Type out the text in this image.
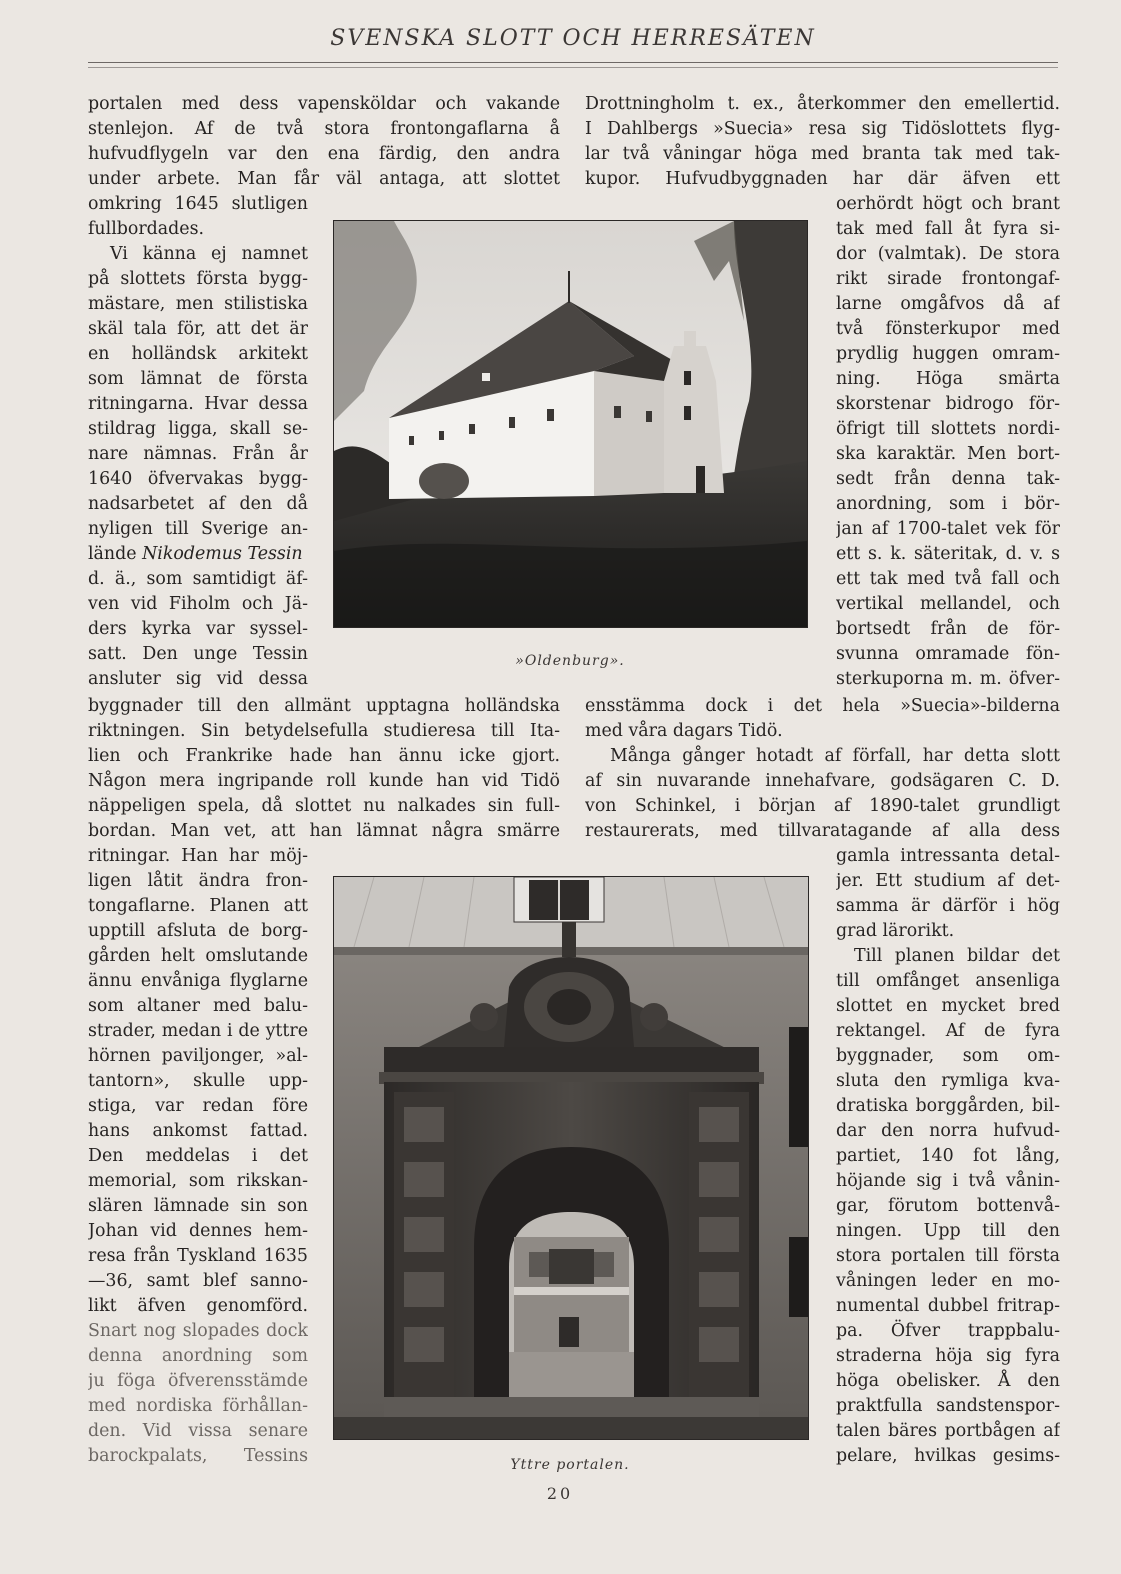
SVENSKA SLOTT OCH HERRESÄTEN
portalen med dess vapensköldar och vakande
stenlejon. Af de två stora frontongaflarna å
hufvudflygeln var den ena färdig, den andra
under arbete. Man får väl antaga, att slottet
Drottningholm t. ex., återkommer den emellertid.
I Dahlbergs »Suecia» resa sig Tidöslottets flyg-
lar två våningar höga med branta tak med tak-
kupor. Hufvudbyggnaden har där äfven ett
omkring 1645 slutligen
fullbordades.
Vi känna ej namnet
på slottets första bygg-
mästare, men stilistiska
skäl tala för, att det är
en holländsk arkitekt
som lämnat de första
ritningarna. Hvar dessa
stildrag ligga, skall se-
nare nämnas. Från år
1640 öfvervakas bygg-
nadsarbetet af den då
nyligen till Sverige an-
lände Nikodemus Tessin
d. ä., som samtidigt äf-
ven vid Fiholm och Jä-
ders kyrka var syssel-
satt. Den unge Tessin
ansluter sig vid dessa
oerhördt högt och brant
tak med fall åt fyra si-
dor (valmtak). De stora
rikt sirade frontongaf-
larne omgåfvos då af
två fönsterkupor med
prydlig huggen omram-
ning. Höga smärta
skorstenar bidrogo för-
öfrigt till slottets nordi-
ska karaktär. Men bort-
sedt från denna tak-
anordning, som i bör-
jan af 1700-talet vek för
ett s. k. säteritak, d. v. s
ett tak med två fall och
vertikal mellandel, och
bortsedt från de för-
svunna omramade fön-
sterkuporna m. m. öfver-
»Oldenburg».
byggnader till den allmänt upptagna holländska
riktningen. Sin betydelsefulla studieresa till Ita-
lien och Frankrike hade han ännu icke gjort.
Någon mera ingripande roll kunde han vid Tidö
näppeligen spela, då slottet nu nalkades sin full-
bordan. Man vet, att han lämnat några smärre
ensstämma dock i det hela »Suecia»-bilderna
med våra dagars Tidö.
Många gånger hotadt af förfall, har detta slott
af sin nuvarande innehafvare, godsägaren C. D.
von Schinkel, i början af 1890-talet grundligt
restaurerats, med tillvaratagande af alla dess
ritningar. Han har möj-
ligen låtit ändra fron-
tongaflarne. Planen att
upptill afsluta de borg-
gården helt omslutande
ännu envåniga flyglarne
som altaner med balu-
strader, medan i de yttre
hörnen paviljonger, »al-
tantorn», skulle upp-
stiga, var redan före
hans ankomst fattad.
Den meddelas i det
memorial, som rikskan-
slären lämnade sin son
Johan vid dennes hem-
resa från Tyskland 1635
—36, samt blef sanno-
likt äfven genomförd.
Snart nog slopades dock
denna anordning som
ju föga öfverensstämde
med nordiska förhållan-
den. Vid vissa senare
barockpalats, Tessins
gamla intressanta detal-
jer. Ett studium af det-
samma är därför i hög
grad lärorikt.
Till planen bildar det
till omfånget ansenliga
slottet en mycket bred
rektangel. Af de fyra
byggnader, som om-
sluta den rymliga kva-
dratiska borggården, bil-
dar den norra hufvud-
partiet, 140 fot lång,
höjande sig i två vånin-
gar, förutom bottenvå-
ningen. Upp till den
stora portalen till första
våningen leder en mo-
numental dubbel fritrap-
pa. Öfver trappbalu-
straderna höja sig fyra
höga obelisker. Å den
praktfulla sandstenspor-
talen bäres portbågen af
pelare, hvilkas gesims-
Yttre portalen.
20
